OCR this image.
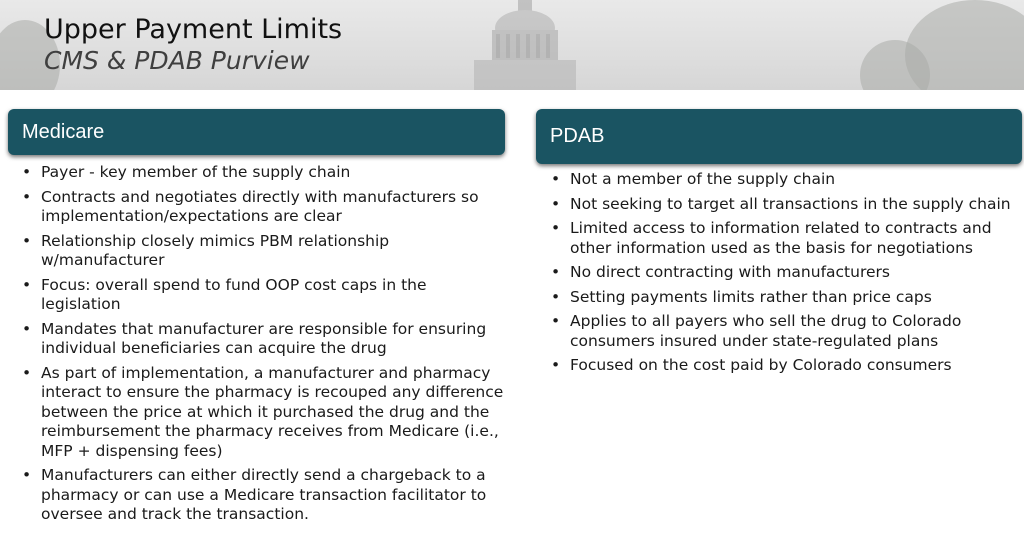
Upper Payment Limits
CMS & PDAB Purview
Medicare	PDAB
• Payer - key member of the supply chain
• Contracts and negotiates directly with manufacturers so implementation/expectations are clear
• Relationship closely mimics PBM relationship w/manufacturer
• Focus: overall spend to fund OOP cost caps in the legislation
• Mandates that manufacturer are responsible for ensuring individual beneficiaries can acquire the drug
• As part of implementation, a manufacturer and pharmacy interact to ensure the pharmacy is recouped any difference between the price at which it purchased the drug and the reimbursement the pharmacy receives from Medicare (i.e., MFP + dispensing fees)
• Manufacturers can either directly send a chargeback to a pharmacy or can use a Medicare transaction facilitator to oversee and track the transaction.
• Not a member of the supply chain
• Not seeking to target all transactions in the supply chain
• Limited access to information related to contracts and other information used as the basis for negotiations
• No direct contracting with manufacturers
• Setting payments limits rather than price caps
• Applies to all payers who sell the drug to Colorado consumers insured under state-regulated plans
• Focused on the cost paid by Colorado consumers
